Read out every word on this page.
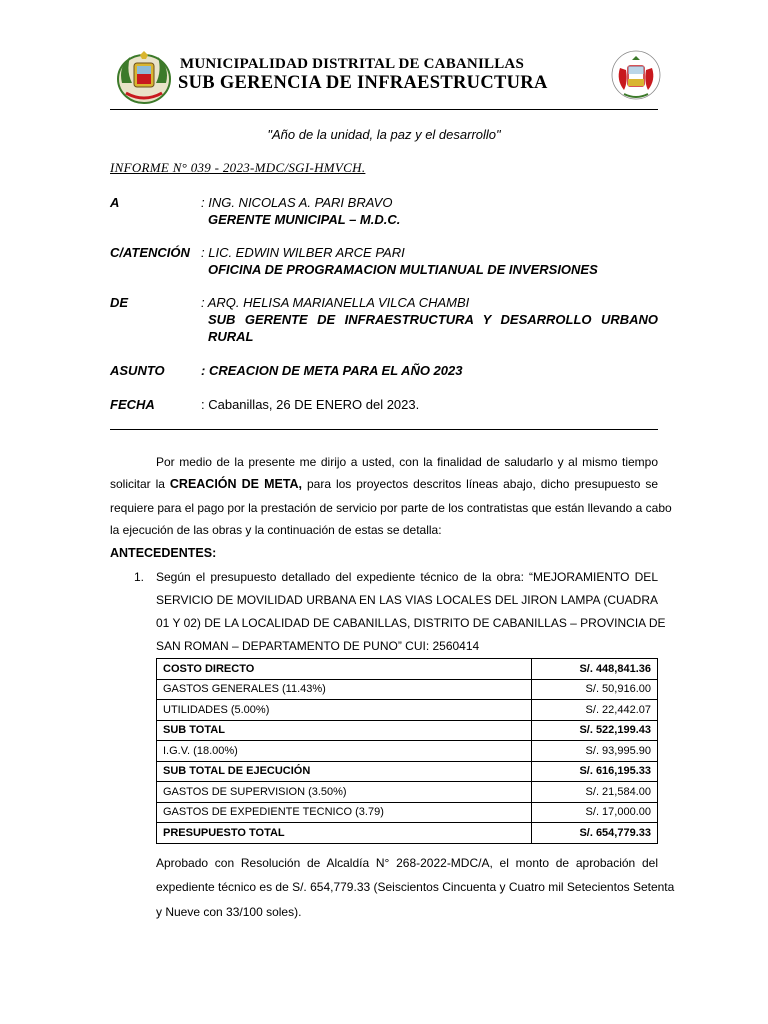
MUNICIPALIDAD DISTRITAL DE CABANILLAS
SUB GERENCIA DE INFRAESTRUCTURA
"Año de la unidad, la paz y el desarrollo"
INFORME N° 039 - 2023-MDC/SGI-HMVCH.
A	: ING. NICOLAS A. PARI BRAVO
GERENTE MUNICIPAL – M.D.C.
C/ATENCIÓN : LIC. EDWIN WILBER ARCE PARI
OFICINA DE PROGRAMACION MULTIANUAL DE INVERSIONES
DE	: ARQ. HELISA MARIANELLA VILCA CHAMBI
SUB GERENTE DE INFRAESTRUCTURA Y DESARROLLO URBANO
RURAL
ASUNTO	: CREACION DE META PARA EL AÑO 2023
FECHA	: Cabanillas, 26 DE ENERO del 2023.
Por medio de la presente me dirijo a usted, con la finalidad de saludarlo y al mismo tiempo
solicitar la CREACIÓN DE META, para los proyectos descritos líneas abajo, dicho presupuesto se
requiere para el pago por la prestación de servicio por parte de los contratistas que están llevando a cabo
la ejecución de las obras y la continuación de estas se detalla:
ANTECEDENTES:
1. Según el presupuesto detallado del expediente técnico de la obra: “MEJORAMIENTO DEL
SERVICIO DE MOVILIDAD URBANA EN LAS VIAS LOCALES DEL JIRON LAMPA (CUADRA
01 Y 02) DE LA LOCALIDAD DE CABANILLAS, DISTRITO DE CABANILLAS – PROVINCIA DE
SAN ROMAN – DEPARTAMENTO DE PUNO” CUI: 2560414
COSTO DIRECTO	S/. 448,841.36
GASTOS GENERALES (11.43%)	S/. 50,916.00
UTILIDADES (5.00%)	S/. 22,442.07
SUB TOTAL	S/. 522,199.43
I.G.V. (18.00%)	S/. 93,995.90
SUB TOTAL DE EJECUCIÓN	S/. 616,195.33
GASTOS DE SUPERVISION (3.50%)	S/. 21,584.00
GASTOS DE EXPEDIENTE TECNICO (3.79)	S/. 17,000.00
PRESUPUESTO TOTAL	S/. 654,779.33
Aprobado con Resolución de Alcaldía N° 268-2022-MDC/A, el monto de aprobación del
expediente técnico es de S/. 654,779.33 (Seiscientos Cincuenta y Cuatro mil Setecientos Setenta
y Nueve con 33/100 soles).
